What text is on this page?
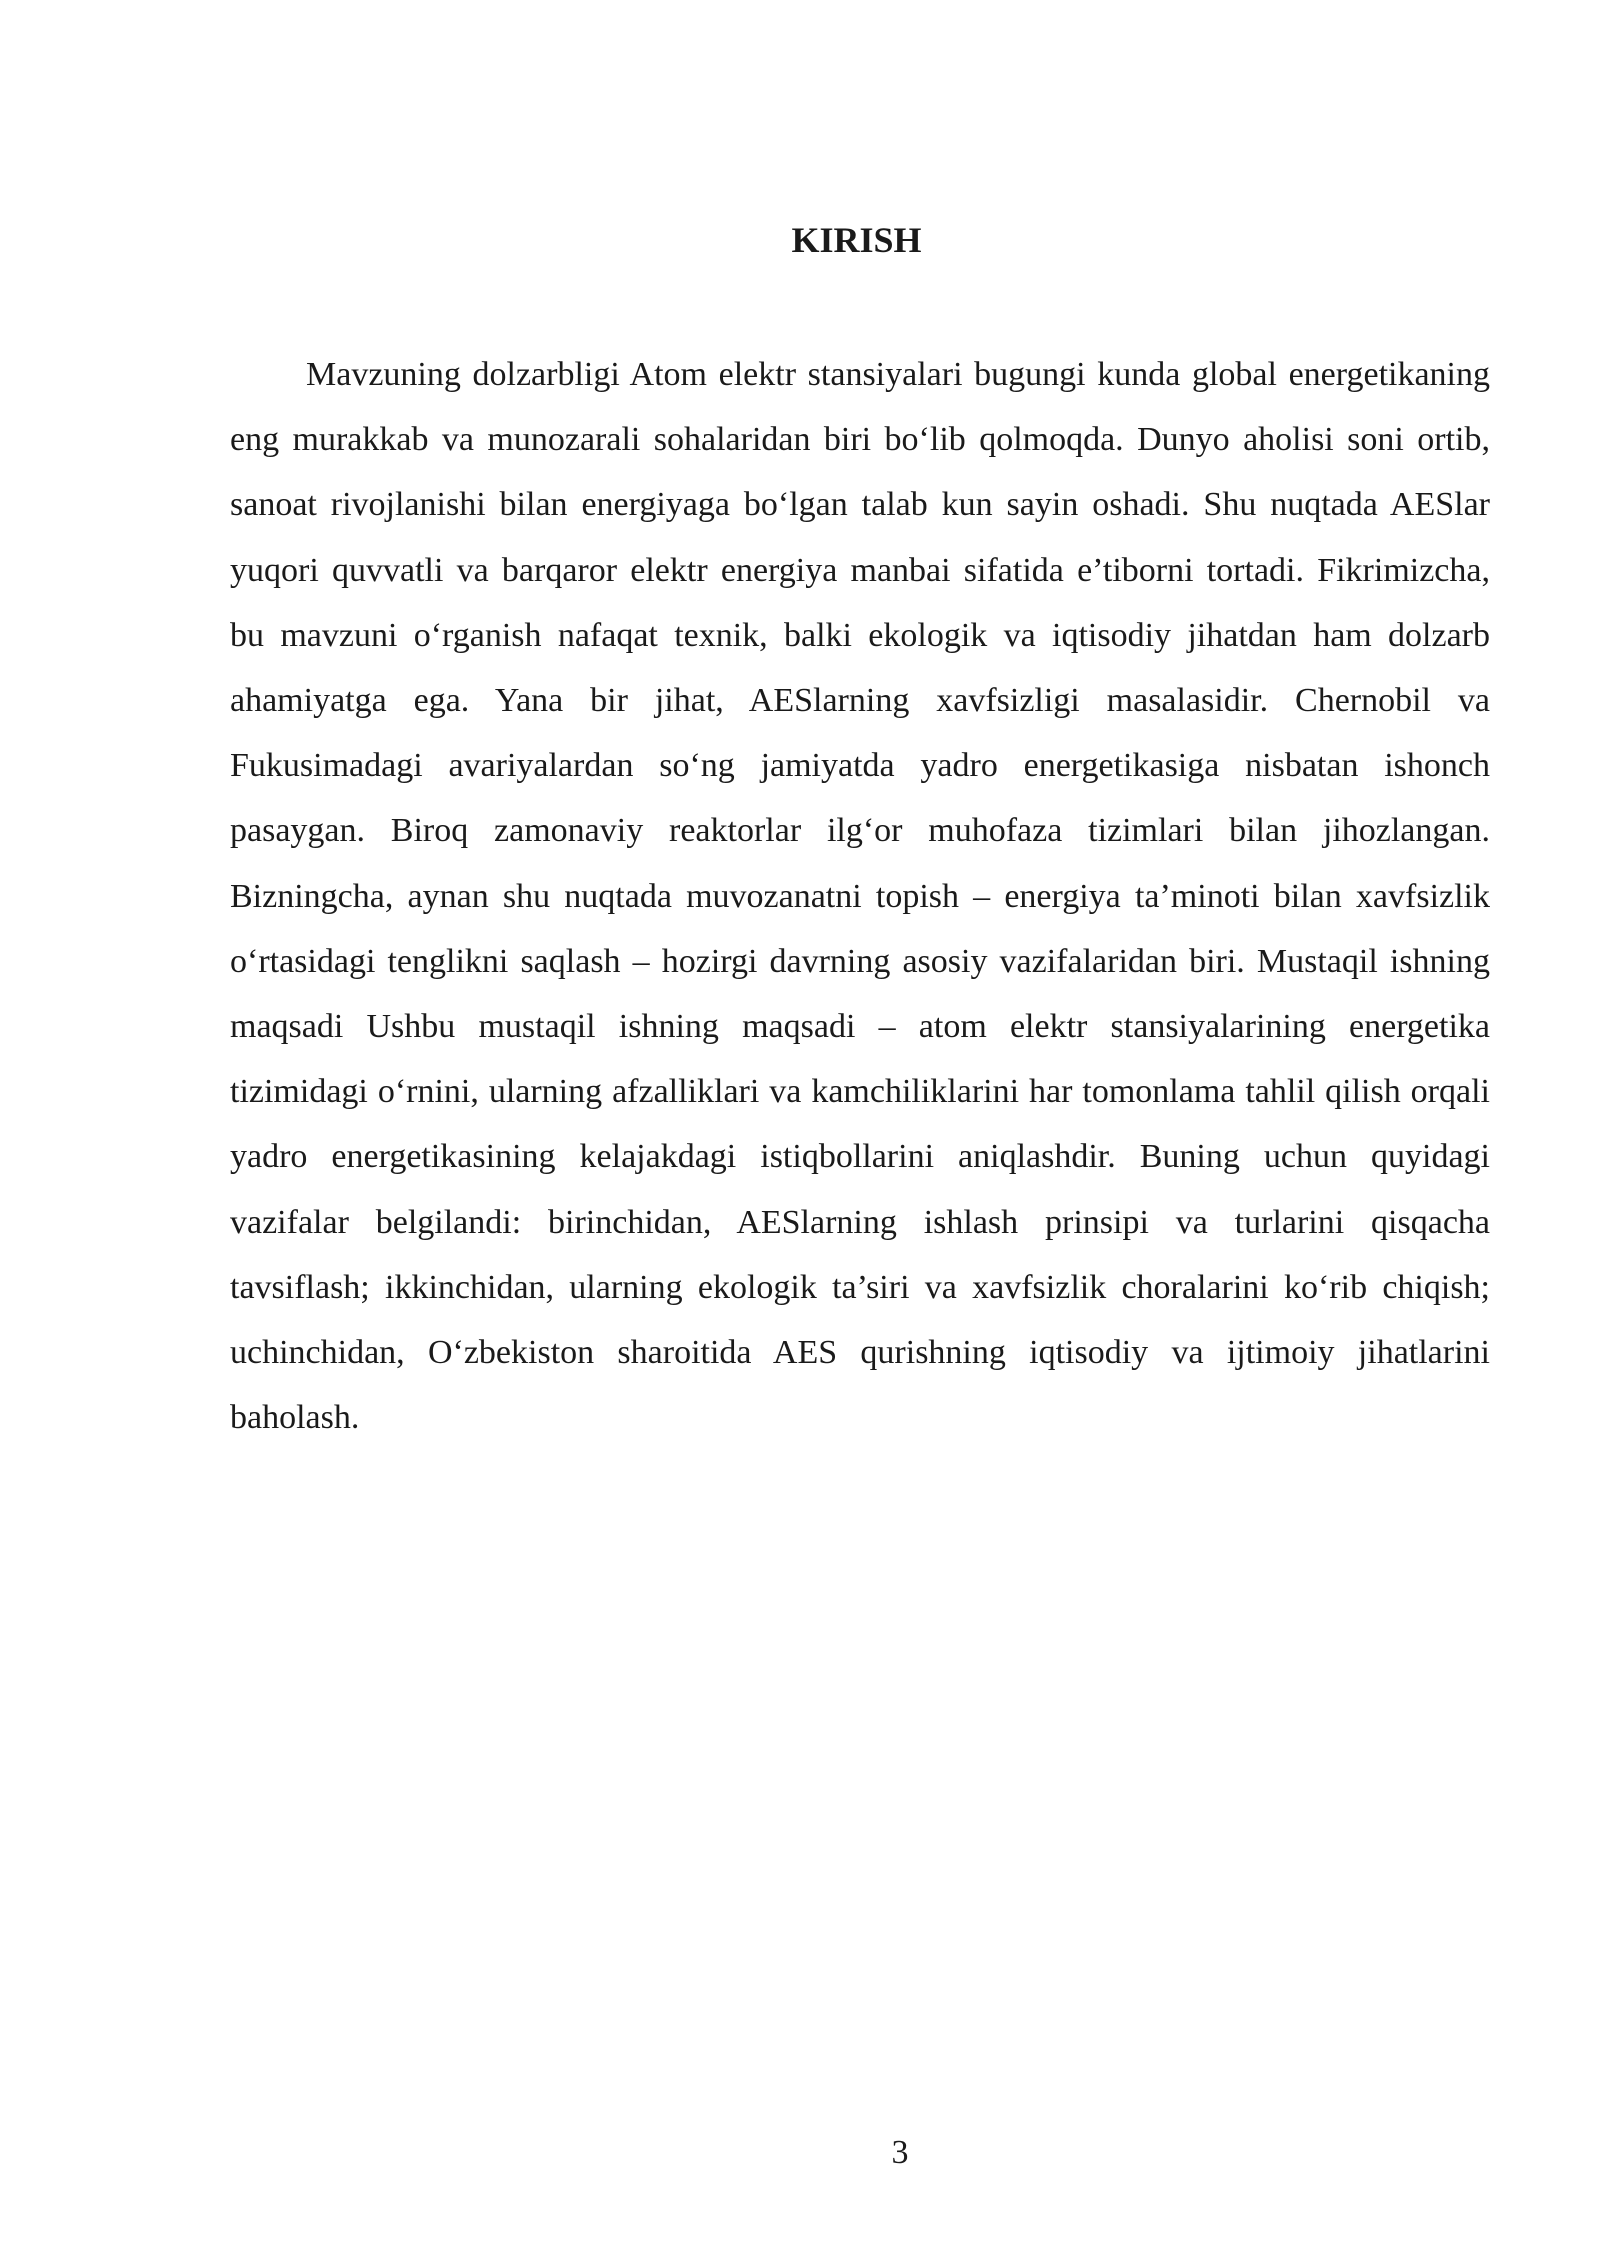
KIRISH

Mavzuning dolzarbligi Atom elektr stansiyalari bugungi kunda global energetikaning eng murakkab va munozarali sohalaridan biri bo‘lib qolmoqda. Dunyo aholisi soni ortib, sanoat rivojlanishi bilan energiyaga bo‘lgan talab kun sayin oshadi. Shu nuqtada AESlar yuqori quvvatli va barqaror elektr energiya manbai sifatida e’tiborni tortadi. Fikrimizcha, bu mavzuni o‘rganish nafaqat texnik, balki ekologik va iqtisodiy jihatdan ham dolzarb ahamiyatga ega. Yana bir jihat, AESlarning xavfsizligi masalasidir. Chernobil va Fukusimadagi avariyalardan so‘ng jamiyatda yadro energetikasiga nisbatan ishonch pasaygan. Biroq zamonaviy reaktorlar ilg‘or muhofaza tizimlari bilan jihozlangan. Bizningcha, aynan shu nuqtada muvozanatni topish – energiya ta’minoti bilan xavfsizlik o‘rtasidagi tenglikni saqlash – hozirgi davrning asosiy vazifalaridan biri. Mustaqil ishning maqsadi Ushbu mustaqil ishning maqsadi – atom elektr stansiyalarining energetika tizimidagi o‘rnini, ularning afzalliklari va kamchiliklarini har tomonlama tahlil qilish orqali yadro energetikasining kelajakdagi istiqbollarini aniqlashdir. Buning uchun quyidagi vazifalar belgilandi: birinchidan, AESlarning ishlash prinsipi va turlarini qisqacha tavsiflash; ikkinchidan, ularning ekologik ta’siri va xavfsizlik choralarini ko‘rib chiqish; uchinchidan, O‘zbekiston sharoitida AES qurishning iqtisodiy va ijtimoiy jihatlarini baholash.

3
